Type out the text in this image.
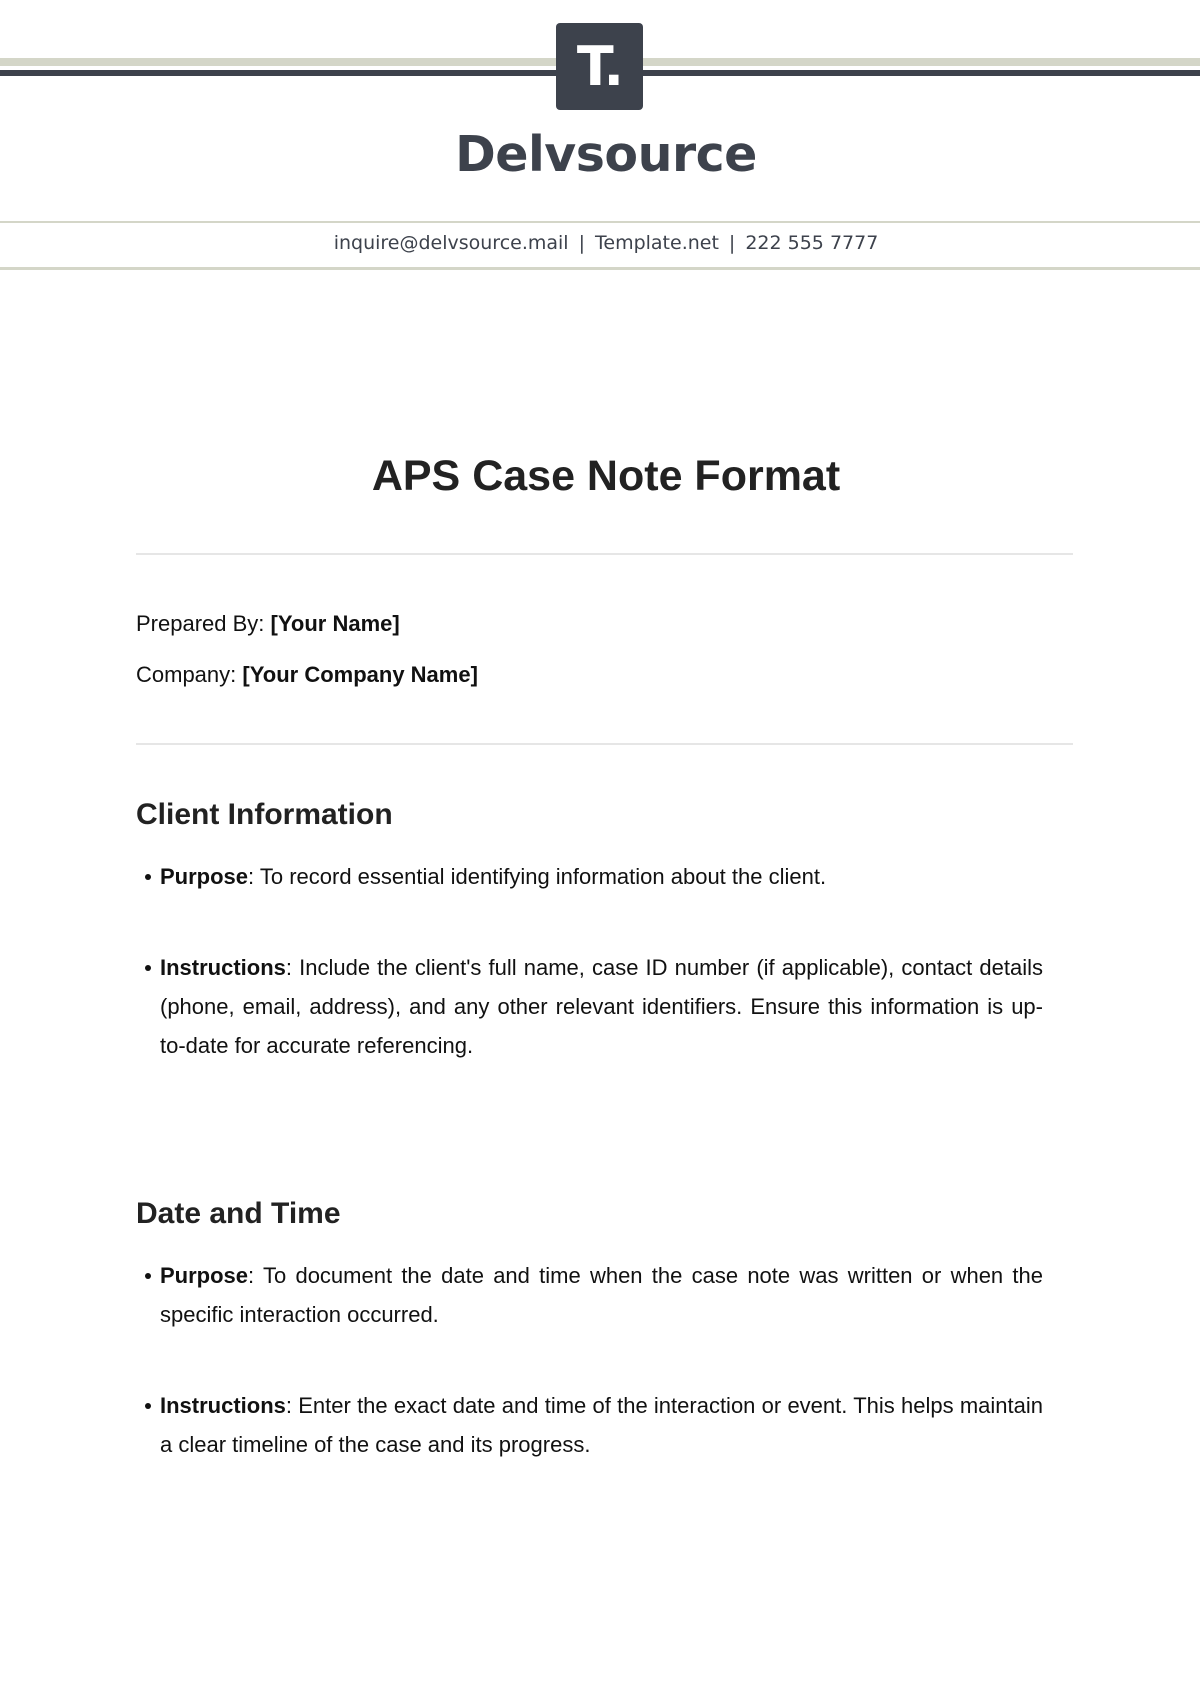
T.
Delvsource
inquire@delvsource.mail | Template.net | 222 555 7777
APS Case Note Format
Prepared By: [Your Name]
Company: [Your Company Name]
Client Information
Purpose: To record essential identifying information about the client.
Instructions: Include the client's full name, case ID number (if applicable), contact details (phone, email, address), and any other relevant identifiers. Ensure this information is up-to-date for accurate referencing.
Date and Time
Purpose: To document the date and time when the case note was written or when the specific interaction occurred.
Instructions: Enter the exact date and time of the interaction or event. This helps maintain a clear timeline of the case and its progress.
